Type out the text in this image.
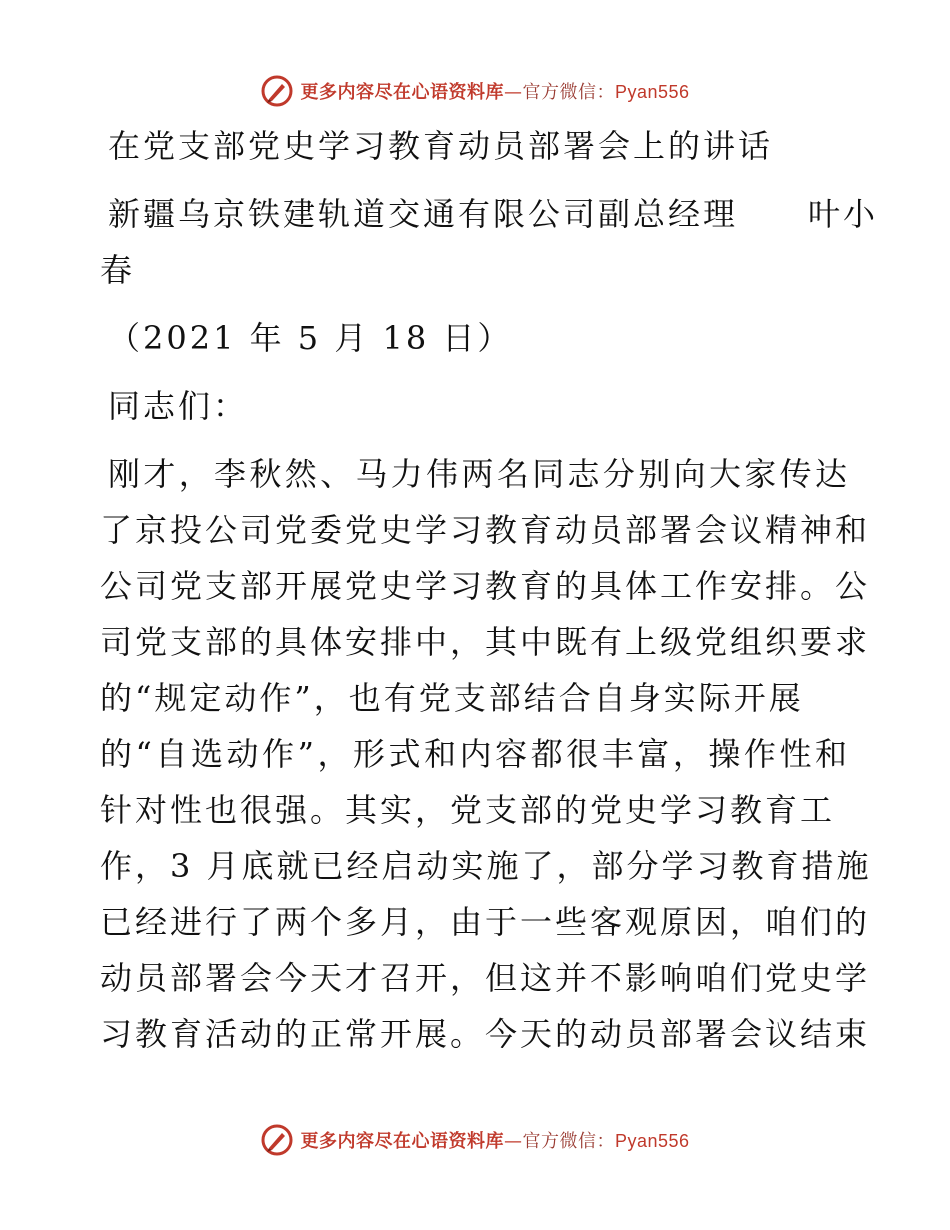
更多内容尽在心语资料库—官方微信：Pyan556
在党支部党史学习教育动员部署会上的讲话
新疆乌京铁建轨道交通有限公司副总经理　　叶小
春
（2021 年 5 月 18 日）
同志们：
刚才，李秋然、马力伟两名同志分别向大家传达
了京投公司党委党史学习教育动员部署会议精神和
公司党支部开展党史学习教育的具体工作安排。公
司党支部的具体安排中，其中既有上级党组织要求
的“规定动作”，也有党支部结合自身实际开展
的“自选动作”，形式和内容都很丰富，操作性和
针对性也很强。其实，党支部的党史学习教育工
作，3 月底就已经启动实施了，部分学习教育措施
已经进行了两个多月，由于一些客观原因，咱们的
动员部署会今天才召开，但这并不影响咱们党史学
习教育活动的正常开展。今天的动员部署会议结束
更多内容尽在心语资料库—官方微信：Pyan556
